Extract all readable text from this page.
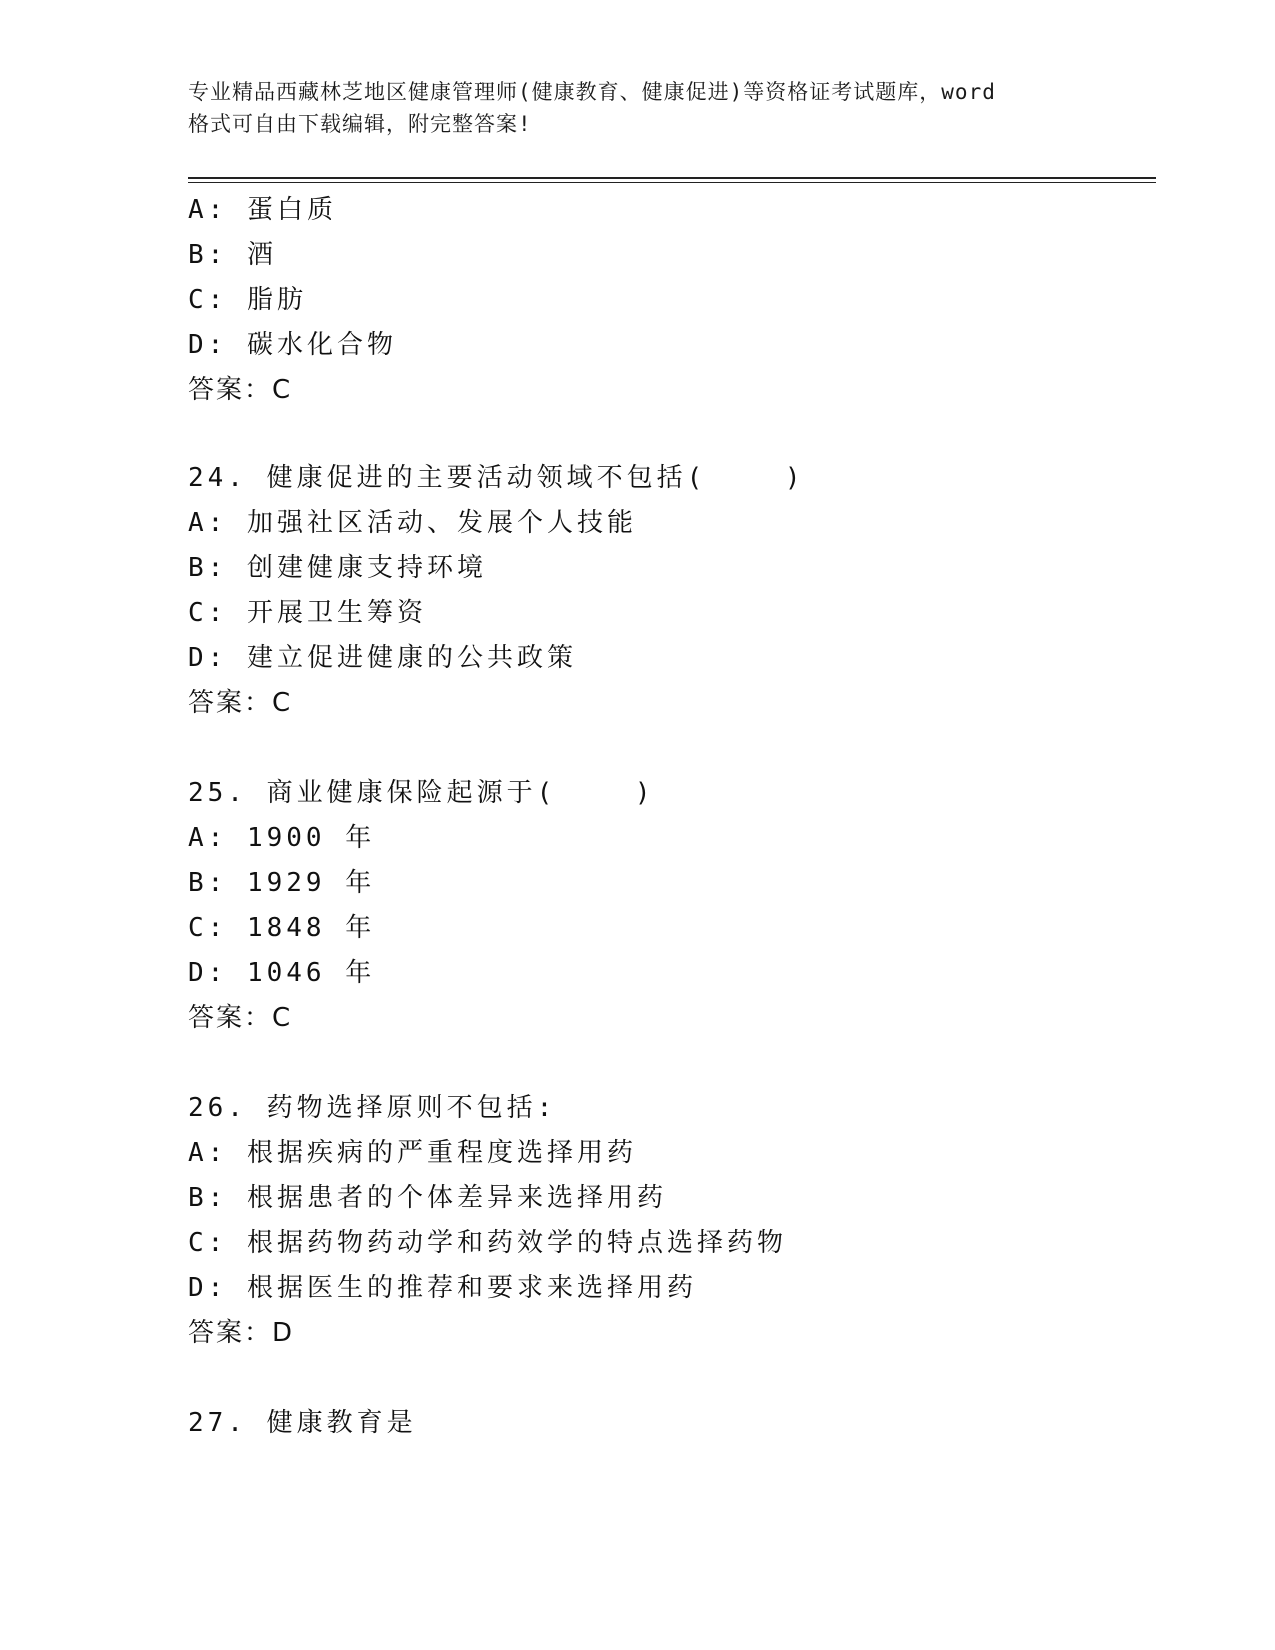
专业精品西藏林芝地区健康管理师(健康教育、健康促进)等资格证考试题库，word
格式可自由下载编辑，附完整答案!
A: 蛋白质
B: 酒
C: 脂肪
D: 碳水化合物
答案：C
24. 健康促进的主要活动领域不包括(    )
A: 加强社区活动、发展个人技能
B: 创建健康支持环境
C: 开展卫生筹资
D: 建立促进健康的公共政策
答案：C
25. 商业健康保险起源于(    )
A: 1900 年
B: 1929 年
C: 1848 年
D: 1046 年
答案：C
26. 药物选择原则不包括:
A: 根据疾病的严重程度选择用药
B: 根据患者的个体差异来选择用药
C: 根据药物药动学和药效学的特点选择药物
D: 根据医生的推荐和要求来选择用药
答案：D
27. 健康教育是
